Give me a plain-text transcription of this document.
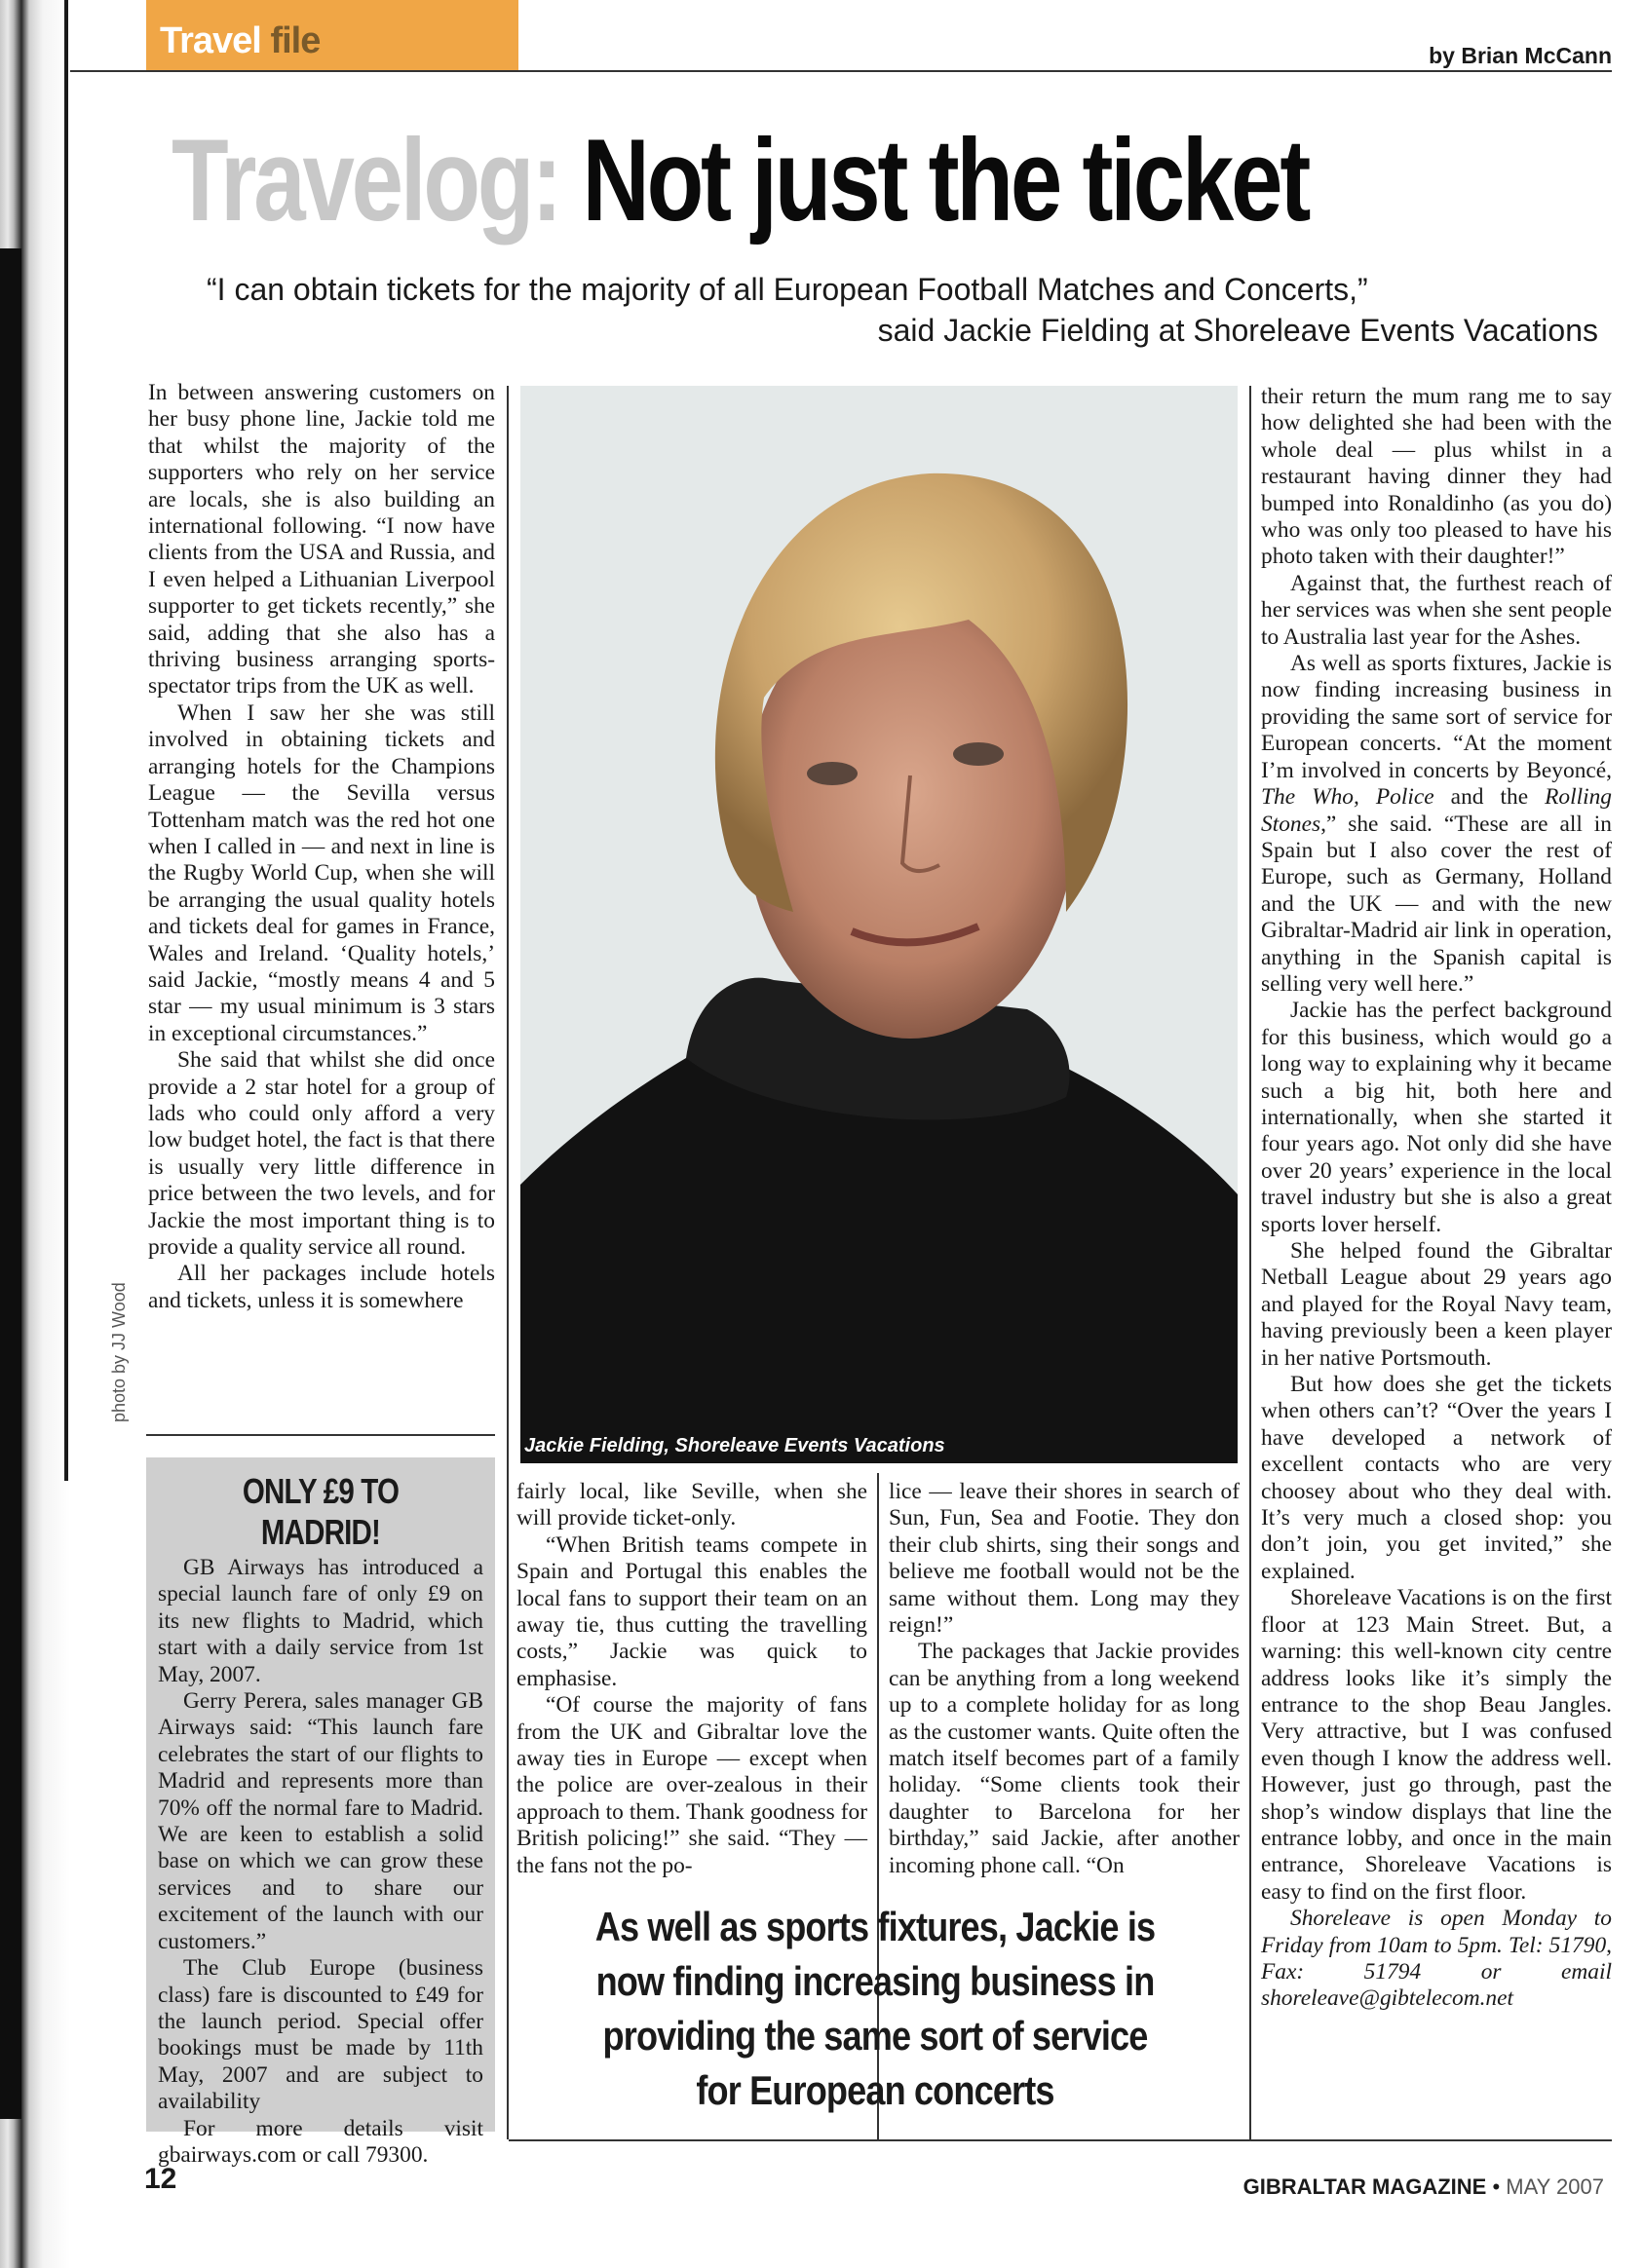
Travel file	by Brian McCann
Travelog: Not just the ticket
“I can obtain tickets for the majority of all European Football Matches and Concerts,”
said Jackie Fielding at Shoreleave Events Vacations

In between answering customers on her busy phone line, Jackie told me that whilst the majority of the supporters who rely on her service are locals, she is also building an international following. “I now have clients from the USA and Russia, and I even helped a Lithuanian Liverpool supporter to get tickets recently,” she said, adding that she also has a thriving business arranging sports-spectator trips from the UK as well.

When I saw her she was still involved in obtaining tickets and arranging hotels for the Champions League — the Sevilla versus Tottenham match was the red hot one when I called in — and next in line is the Rugby World Cup, when she will be arranging the usual quality hotels and tickets deal for games in France, Wales and Ireland. ‘Quality hotels,’ said Jackie, “mostly means 4 and 5 star — my usual minimum is 3 stars in exceptional circumstances.”

She said that whilst she did once provide a 2 star hotel for a group of lads who could only afford a very low budget hotel, the fact is that there is usually very little difference in price between the two levels, and for Jackie the most important thing is to provide a quality service all round.

All her packages include hotels and tickets, unless it is somewhere

photo by JJ Wood
Jackie Fielding, Shoreleave Events Vacations
ONLY £9 TO MADRID!

GB Airways has introduced a special launch fare of only £9 on its new flights to Madrid, which start with a daily service from 1st May, 2007.

Gerry Perera, sales manager GB Airways said: “This launch fare celebrates the start of our flights to Madrid and represents more than 70% off the normal fare to Madrid. We are keen to establish a solid base on which we can grow these services and to share our excitement of the launch with our customers.”

The Club Europe (business class) fare is discounted to £49 for the launch period. Special offer bookings must be made by 11th May, 2007 and are subject to availability

For more details visit gbairways.com or call 79300.

fairly local, like Seville, when she will provide ticket-only.

“When British teams compete in Spain and Portugal this enables the local fans to support their team on an away tie, thus cutting the travelling costs,” Jackie was quick to emphasise.

“Of course the majority of fans from the UK and Gibraltar love the away ties in Europe — except when the police are over-zealous in their approach to them. Thank goodness for British policing!” she said. “They — the fans not the po-

lice — leave their shores in search of Sun, Fun, Sea and Footie. They don their club shirts, sing their songs and believe me football would not be the same without them. Long may they reign!”

The packages that Jackie provides can be anything from a long weekend up to a complete holiday for as long as the customer wants. Quite often the match itself becomes part of a family holiday. “Some clients took their daughter to Barcelona for her birthday,” said Jackie, after another incoming phone call. “On

As well as sports fixtures, Jackie is now finding increasing business in providing the same sort of service for European concerts

their return the mum rang me to say how delighted she had been with the whole deal — plus whilst in a restaurant having dinner they had bumped into Ronaldinho (as you do) who was only too pleased to have his photo taken with their daughter!”

Against that, the furthest reach of her services was when she sent people to Australia last year for the Ashes.

As well as sports fixtures, Jackie is now finding increasing business in providing the same sort of service for European concerts. “At the moment I’m involved in concerts by Beyoncé, The Who, Police and the Rolling Stones,” she said. “These are all in Spain but I also cover the rest of Europe, such as Germany, Holland and the UK — and with the new Gibraltar-Madrid air link in operation, anything in the Spanish capital is selling very well here.”

Jackie has the perfect background for this business, which would go a long way to explaining why it became such a big hit, both here and internationally, when she started it four years ago. Not only did she have over 20 years’ experience in the local travel industry but she is also a great sports lover herself.

She helped found the Gibraltar Netball League about 29 years ago and played for the Royal Navy team, having previously been a keen player in her native Portsmouth.

But how does she get the tickets when others can’t? “Over the years I have developed a network of excellent contacts who are very choosey about who they deal with. It’s very much a closed shop: you don’t join, you get invited,” she explained.

Shoreleave Vacations is on the first floor at 123 Main Street. But, a warning: this well-known city centre address looks like it’s simply the entrance to the shop Beau Jangles. Very attractive, but I was confused even though I know the address well. However, just go through, past the shop’s window displays that line the entrance lobby, and once in the main entrance, Shoreleave Vacations is easy to find on the first floor.

Shoreleave is open Monday to Friday from 10am to 5pm. Tel: 51790, Fax: 51794 or email shoreleave@gibtelecom.net

12	GIBRALTAR MAGAZINE • MAY 2007
